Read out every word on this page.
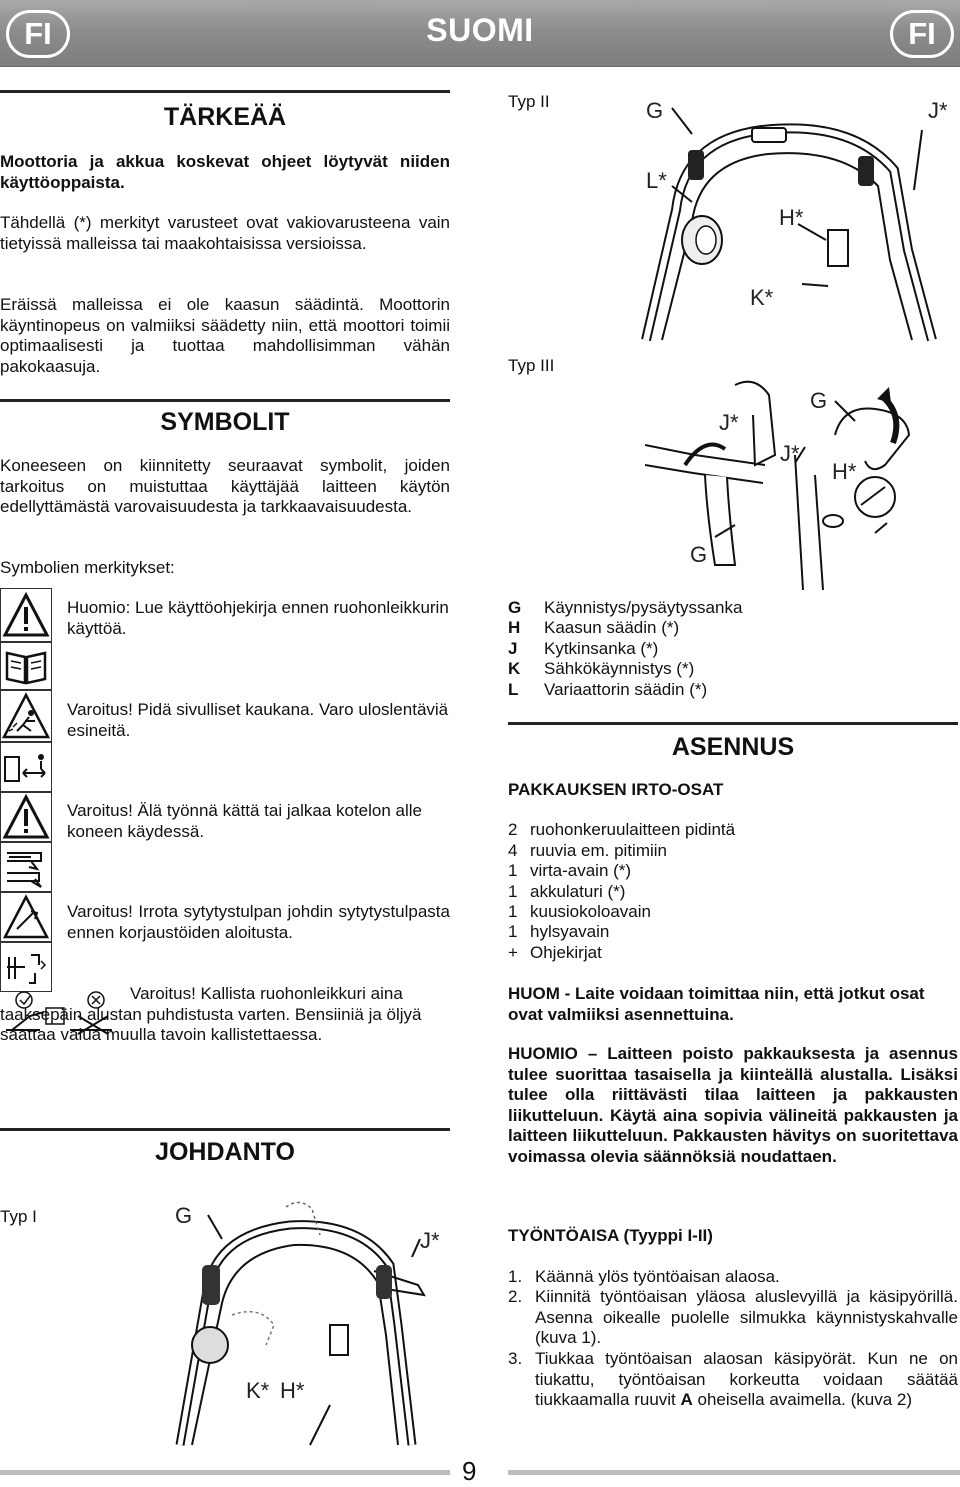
FI	SUOMI	FI
TÄRKEÄÄ

Moottoria ja akkua koskevat ohjeet löytyvät niiden käyttöoppaista.

Tähdellä (*) merkityt varusteet ovat vakiovarusteena vain tietyissä malleissa tai maakohtaisissa versioissa.

Eräissä malleissa ei ole kaasun säädintä. Moottorin käyntinopeus on valmiiksi säädetty niin, että moottori toimii optimaalisesti ja tuottaa mahdollisimman vähän pakokaasuja.

SYMBOLIT

Koneeseen on kiinnitetty seuraavat symbolit, joiden tarkoitus on muistuttaa käyttäjää laitteen käytön edellyttämästä varovaisuudesta ja tarkkaavaisuudesta.

Symbolien merkitykset:

Huomio: Lue käyttöohjekirja ennen ruohonleikkurin käyttöä.

Varoitus! Pidä sivulliset kaukana. Varo uloslentäviä esineitä.

Varoitus! Älä työnnä kättä tai jalkaa kotelon alle koneen käydessä.

Varoitus! Irrota sytytystulpan johdin sytytystulpasta ennen korjaustöiden aloitusta.

Varoitus! Kallista ruohonleikkuri aina taaksepäin alustan puhdistusta varten. Bensiiniä ja öljyä saattaa valua muulla tavoin kallistettaessa.

JOHDANTO
Typ I	G
J*
K* H*
Typ II	G	J*
L*
H*
K*
Typ III
J*
G
J*
H*
G
G Käynnistys/pysäytyssanka
H Kaasun säädin (*)
J Kytkinsanka (*)
K Sähkökäynnistys (*)
L Variaattorin säädin (*)
ASENNUS
PAKKAUKSEN IRTO-OSAT
2 ruohonkeruulaitteen pidintä
4 ruuvia em. pitimiin
1 virta-avain (*)
1 akkulaturi (*)
1 kuusiokoloavain
1 hylsyavain
+ Ohjekirjat

HUOM - Laite voidaan toimittaa niin, että jotkut osat ovat valmiiksi asennettuina.

HUOMIO – Laitteen poisto pakkauksesta ja asennus tulee suorittaa tasaisella ja kiinteällä alustalla. Lisäksi tulee olla riittävästi tilaa laitteen ja pakkausten liikutteluun. Käytä aina sopivia välineitä pakkausten ja laitteen liikutteluun. Pakkausten hävitys on suoritettava voimassa olevia säännöksiä noudattaen.

TYÖNTÖAISA (Tyyppi I-II)
1. Käännä ylös työntöaisan alaosa.
2. Kiinnitä työntöaisan yläosa aluslevyillä ja käsipyörillä. Asenna oikealle puolelle silmukka käynnistyskahvalle (kuva 1).
3. Tiukkaa työntöaisan alaosan käsipyörät. Kun ne on tiukattu, työntöaisan korkeutta voidaan säätää tiukkaamalla ruuvit A oheisella avaimella. (kuva 2)
9
